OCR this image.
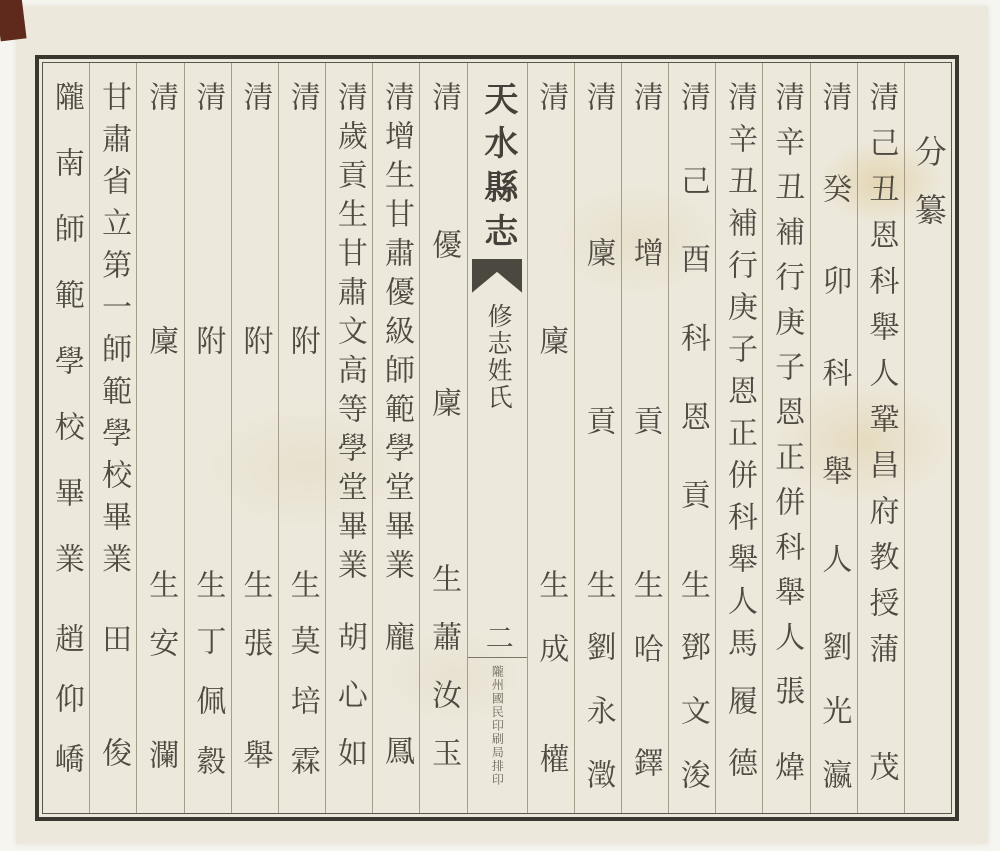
分纂
清己丑恩科舉人鞏昌府教授蒲
茂
清
癸
卯
科
舉
人
劉光瀛
清辛丑補行庚子恩正併科舉人
張
煒
清辛丑補行庚子恩正併科舉人馬
履德
清
己
酉
科
恩
貢
生
鄧文浚
清
增
貢
生
哈
鐸
清
廩
貢
生
劉永澂
清
廩
生
成
權
天水縣志
修志姓氏
二
隴州國民印刷局排印
清
優
廩
生
蕭汝玉
清增生甘肅優級師範學堂畢業
龐
鳳
清歲貢生甘肅文高等學堂畢業
胡心如
清
附
生
莫培霖
清
附
生
張
舉
清
附
生
丁佩縠
清
廩
生
安
瀾
甘肅省立第一師範學校畢業
田
俊
隴南師範學校畢業
趙仰嶠
